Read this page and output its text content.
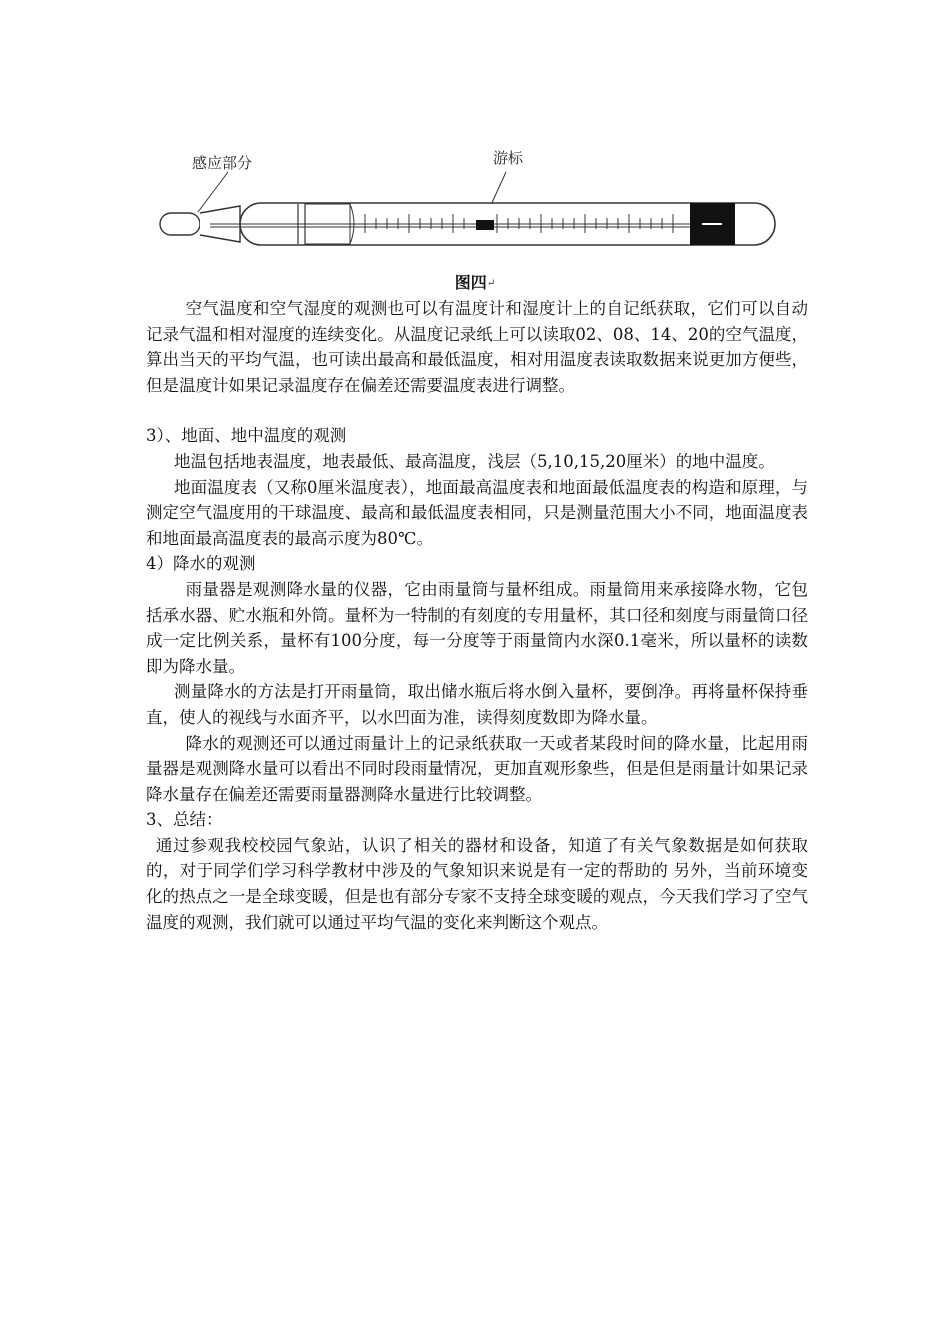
感应部分	游标
图四↵

空气温度和空气湿度的观测也可以有温度计和湿度计上的自记纸获取，它们可以自动记录气温和相对湿度的连续变化。从温度记录纸上可以读取02、08、14、20的空气温度，算出当天的平均气温，也可读出最高和最低温度，相对用温度表读取数据来说更加方便些，但是温度计如果记录温度存在偏差还需要温度表进行调整。

3）、地面、地中温度的观测

地温包括地表温度，地表最低、最高温度，浅层（5,10,15,20厘米）的地中温度。

地面温度表（又称0厘米温度表），地面最高温度表和地面最低温度表的构造和原理，与测定空气温度用的干球温度、最高和最低温度表相同，只是测量范围大小不同，地面温度表和地面最高温度表的最高示度为80℃。

4）降水的观测

雨量器是观测降水量的仪器，它由雨量筒与量杯组成。雨量筒用来承接降水物，它包括承水器、贮水瓶和外筒。量杯为一特制的有刻度的专用量杯，其口径和刻度与雨量筒口径成一定比例关系，量杯有100分度，每一分度等于雨量筒内水深0.1毫米，所以量杯的读数即为降水量。

测量降水的方法是打开雨量筒，取出储水瓶后将水倒入量杯，要倒净。再将量杯保持垂直，使人的视线与水面齐平，以水凹面为准，读得刻度数即为降水量。

降水的观测还可以通过雨量计上的记录纸获取一天或者某段时间的降水量，比起用雨量器是观测降水量可以看出不同时段雨量情况，更加直观形象些，但是但是雨量计如果记录降水量存在偏差还需要雨量器测降水量进行比较调整。

3、总结：

通过参观我校校园气象站，认识了相关的器材和设备，知道了有关气象数据是如何获取的，对于同学们学习科学教材中涉及的气象知识来说是有一定的帮助的 另外，当前环境变化的热点之一是全球变暖，但是也有部分专家不支持全球变暖的观点，今天我们学习了空气温度的观测，我们就可以通过平均气温的变化来判断这个观点。
